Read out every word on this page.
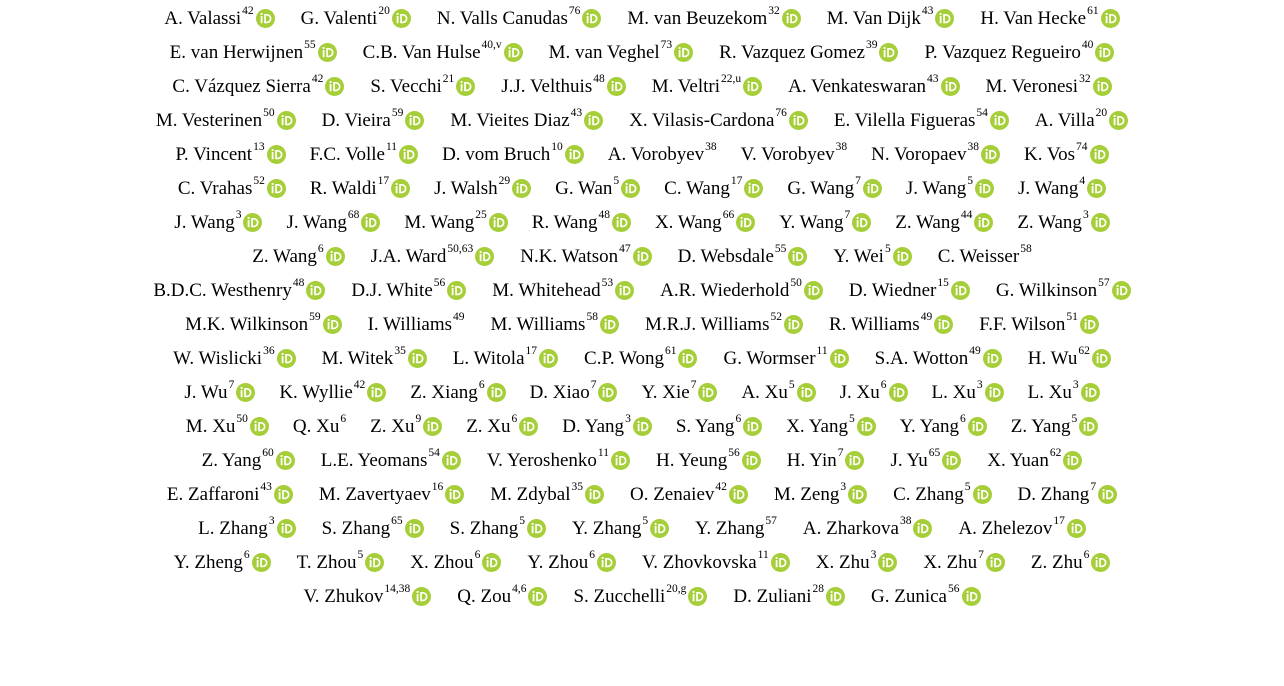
A. Valassi$^{42}$ G. Valenti$^{20}$ N. Valls Canudas$^{76}$ M. van Beuzekom$^{32}$ M. Van Dijk$^{43}$ H. Van Hecke$^{61}$
E. van Herwijnen$^{55}$ C.B. Van Hulse$^{40,v}$ M. van Veghel$^{73}$ R. Vazquez Gomez$^{39}$ P. Vazquez Regueiro$^{40}$
C. Vázquez Sierra$^{42}$ S. Vecchi$^{21}$ J.J. Velthuis$^{48}$ M. Veltri$^{22,u}$ A. Venkateswaran$^{43}$ M. Veronesi$^{32}$
M. Vesterinen$^{50}$ D. Vieira$^{59}$ M. Vieites Diaz$^{43}$ X. Vilasis-Cardona$^{76}$ E. Vilella Figueras$^{54}$ A. Villa$^{20}$
P. Vincent$^{13}$ F.C. Volle$^{11}$ D. vom Bruch$^{10}$ A. Vorobyev$^{38}$ V. Vorobyev$^{38}$ N. Voropaev$^{38}$ K. Vos$^{74}$
C. Vrahas$^{52}$ R. Waldi$^{17}$ J. Walsh$^{29}$ G. Wan$^5$ C. Wang$^{17}$ G. Wang$^7$ J. Wang$^5$ J. Wang$^4$
J. Wang$^3$ J. Wang$^{68}$ M. Wang$^{25}$ R. Wang$^{48}$ X. Wang$^{66}$ Y. Wang$^7$ Z. Wang$^{44}$ Z. Wang$^3$
Z. Wang$^6$ J.A. Ward$^{50,63}$ N.K. Watson$^{47}$ D. Websdale$^{55}$ Y. Wei$^5$ C. Weisser$^{58}$
B.D.C. Westhenry$^{48}$ D.J. White$^{56}$ M. Whitehead$^{53}$ A.R. Wiederhold$^{50}$ D. Wiedner$^{15}$ G. Wilkinson$^{57}$
M.K. Wilkinson$^{59}$ I. Williams$^{49}$ M. Williams$^{58}$ M.R.J. Williams$^{52}$ R. Williams$^{49}$ F.F. Wilson$^{51}$
W. Wislicki$^{36}$ M. Witek$^{35}$ L. Witola$^{17}$ C.P. Wong$^{61}$ G. Wormser$^{11}$ S.A. Wotton$^{49}$ H. Wu$^{62}$
J. Wu$^7$ K. Wyllie$^{42}$ Z. Xiang$^6$ D. Xiao$^7$ Y. Xie$^7$ A. Xu$^5$ J. Xu$^6$ L. Xu$^3$ L. Xu$^3$
M. Xu$^{50}$ Q. Xu$^6$ Z. Xu$^9$ Z. Xu$^6$ D. Yang$^3$ S. Yang$^6$ X. Yang$^5$ Y. Yang$^6$ Z. Yang$^5$
Z. Yang$^{60}$ L.E. Yeomans$^{54}$ V. Yeroshenko$^{11}$ H. Yeung$^{56}$ H. Yin$^7$ J. Yu$^{65}$ X. Yuan$^{62}$
E. Zaffaroni$^{43}$ M. Zavertyaev$^{16}$ M. Zdybal$^{35}$ O. Zenaiev$^{42}$ M. Zeng$^3$ C. Zhang$^5$ D. Zhang$^7$
L. Zhang$^3$ S. Zhang$^{65}$ S. Zhang$^5$ Y. Zhang$^5$ Y. Zhang$^{57}$ A. Zharkova$^{38}$ A. Zhelezov$^{17}$
Y. Zheng$^6$ T. Zhou$^5$ X. Zhou$^6$ Y. Zhou$^6$ V. Zhovkovska$^{11}$ X. Zhu$^3$ X. Zhu$^7$ Z. Zhu$^6$
V. Zhukov$^{14,38}$ Q. Zou$^{4,6}$ S. Zucchelli$^{20,g}$ D. Zuliani$^{28}$ G. Zunica$^{56}$
